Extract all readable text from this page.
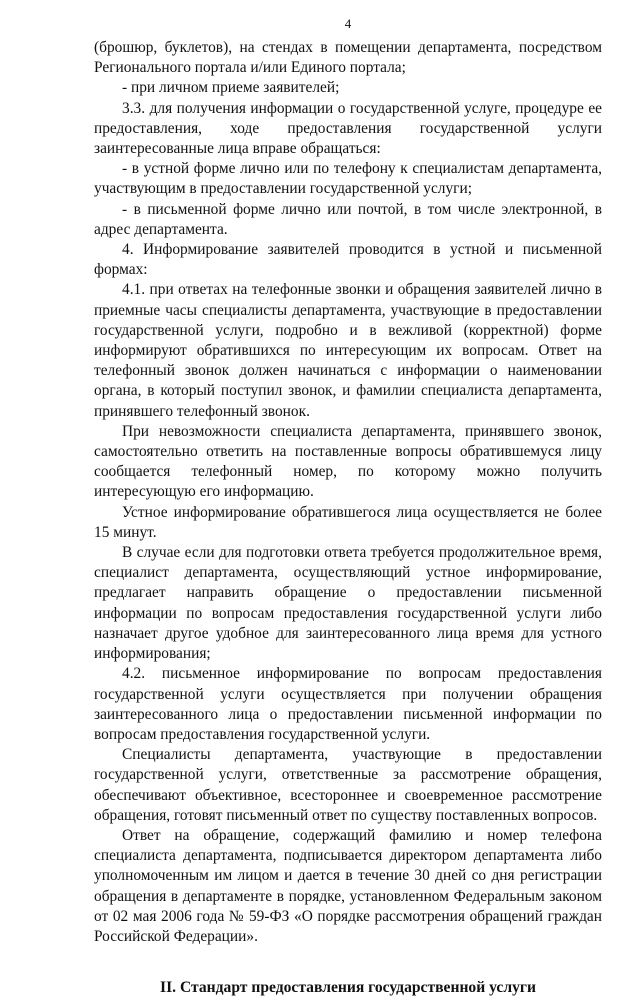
4

(брошюр, буклетов), на стендах в помещении департамента, посредством Регионального портала и/или Единого портала;

- при личном приеме заявителей;

3.3. для получения информации о государственной услуге, процедуре ее предоставления, ходе предоставления государственной услуги заинтересованные лица вправе обращаться:

- в устной форме лично или по телефону к специалистам департамента, участвующим в предоставлении государственной услуги;

- в письменной форме лично или почтой, в том числе электронной, в адрес департамента.

4. Информирование заявителей проводится в устной и письменной формах:

4.1. при ответах на телефонные звонки и обращения заявителей лично в приемные часы специалисты департамента, участвующие в предоставлении государственной услуги, подробно и в вежливой (корректной) форме информируют обратившихся по интересующим их вопросам. Ответ на телефонный звонок должен начинаться с информации о наименовании органа, в который поступил звонок, и фамилии специалиста департамента, принявшего телефонный звонок.

При невозможности специалиста департамента, принявшего звонок, самостоятельно ответить на поставленные вопросы обратившемуся лицу сообщается телефонный номер, по которому можно получить интересующую его информацию.

Устное информирование обратившегося лица осуществляется не более 15 минут.

В случае если для подготовки ответа требуется продолжительное время, специалист департамента, осуществляющий устное информирование, предлагает направить обращение о предоставлении письменной информации по вопросам предоставления государственной услуги либо назначает другое удобное для заинтересованного лица время для устного информирования;

4.2. письменное информирование по вопросам предоставления государственной услуги осуществляется при получении обращения заинтересованного лица о предоставлении письменной информации по вопросам предоставления государственной услуги.

Специалисты департамента, участвующие в предоставлении государственной услуги, ответственные за рассмотрение обращения, обеспечивают объективное, всестороннее и своевременное рассмотрение обращения, готовят письменный ответ по существу поставленных вопросов.

Ответ на обращение, содержащий фамилию и номер телефона специалиста департамента, подписывается директором департамента либо уполномоченным им лицом и дается в течение 30 дней со дня регистрации обращения в департаменте в порядке, установленном Федеральным законом от 02 мая 2006 года № 59-ФЗ «О порядке рассмотрения обращений граждан Российской Федерации».

II. Стандарт предоставления государственной услуги
